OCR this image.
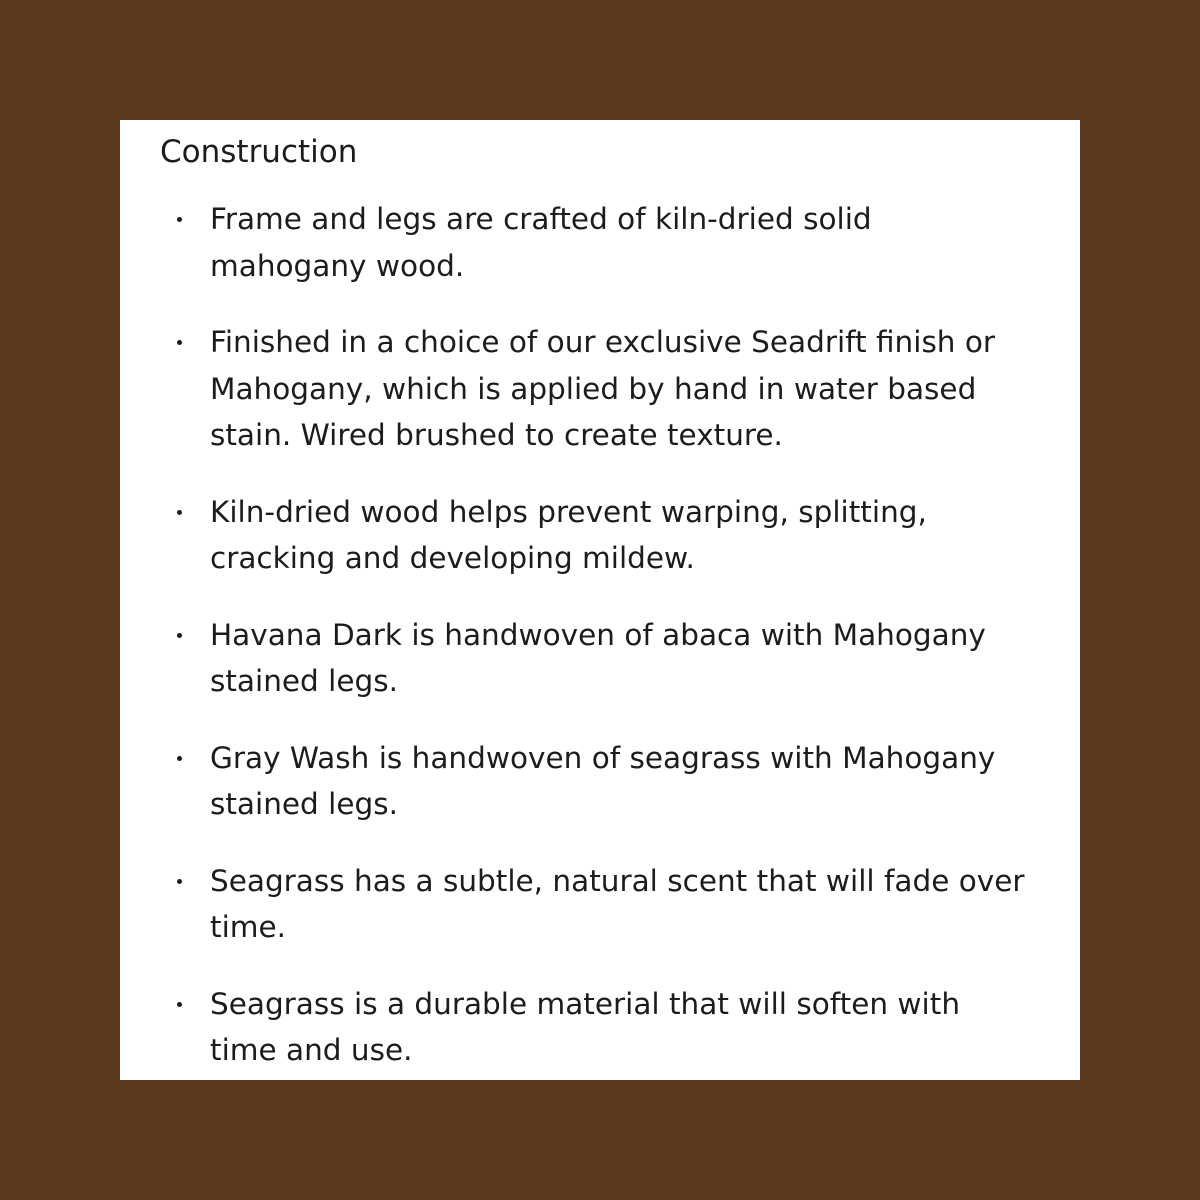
Construction
Frame and legs are crafted of kiln-dried solid mahogany wood.
Finished in a choice of our exclusive Seadrift finish or Mahogany, which is applied by hand in water based stain. Wired brushed to create texture.
Kiln-dried wood helps prevent warping, splitting, cracking and developing mildew.
Havana Dark is handwoven of abaca with Mahogany stained legs.
Gray Wash is handwoven of seagrass with Mahogany stained legs.
Seagrass has a subtle, natural scent that will fade over time.
Seagrass is a durable material that will soften with time and use.
